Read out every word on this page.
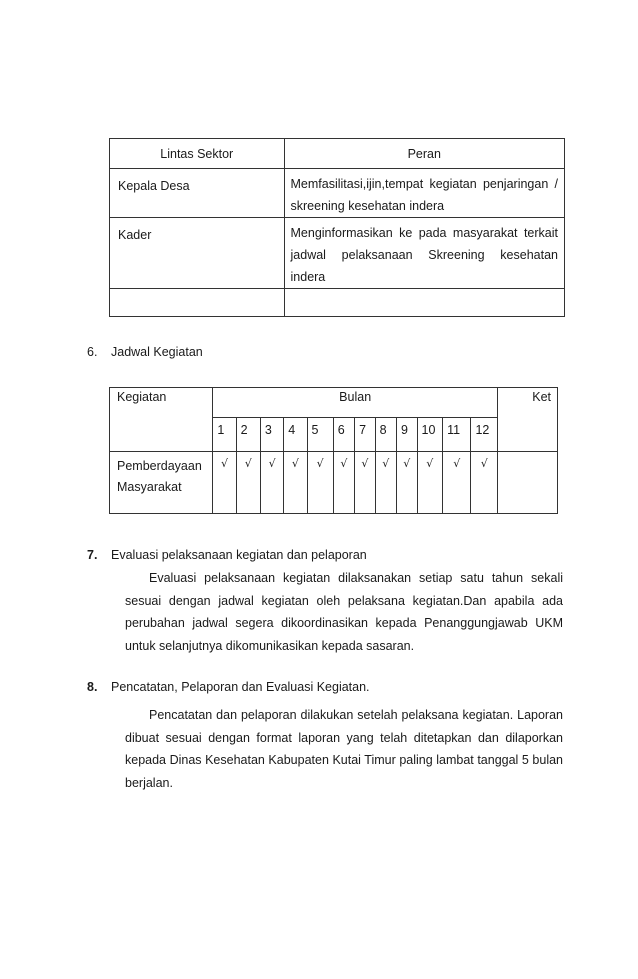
Lintas Sektor	Peran

Kepala Desa	Memfasilitasi,ijin,tempat kegiatan penjaringan / skreening kesehatan indera

Kader	Menginformasikan ke pada masyarakat terkait jadwal pelaksanaan Skreening kesehatan indera

6. Jadwal Kegiatan
Kegiatan	Bulan												Ket
	1	2	3	4	5	6	7	8	9	10	11	12	
Pemberdayaan Masyarakat	√	√	√	√	√	√	√	√	√	√	√	√	
7. Evaluasi pelaksanaan kegiatan dan pelaporan
Evaluasi pelaksanaan kegiatan dilaksanakan setiap satu tahun sekali sesuai dengan jadwal kegiatan oleh pelaksana kegiatan.Dan apabila ada perubahan jadwal segera dikoordinasikan kepada Penanggungjawab UKM untuk selanjutnya dikomunikasikan kepada sasaran.
8. Pencatatan, Pelaporan dan Evaluasi Kegiatan.
Pencatatan dan pelaporan dilakukan setelah pelaksana kegiatan. Laporan dibuat sesuai dengan format laporan yang telah ditetapkan dan dilaporkan kepada Dinas Kesehatan Kabupaten Kutai Timur paling lambat tanggal 5 bulan berjalan.
